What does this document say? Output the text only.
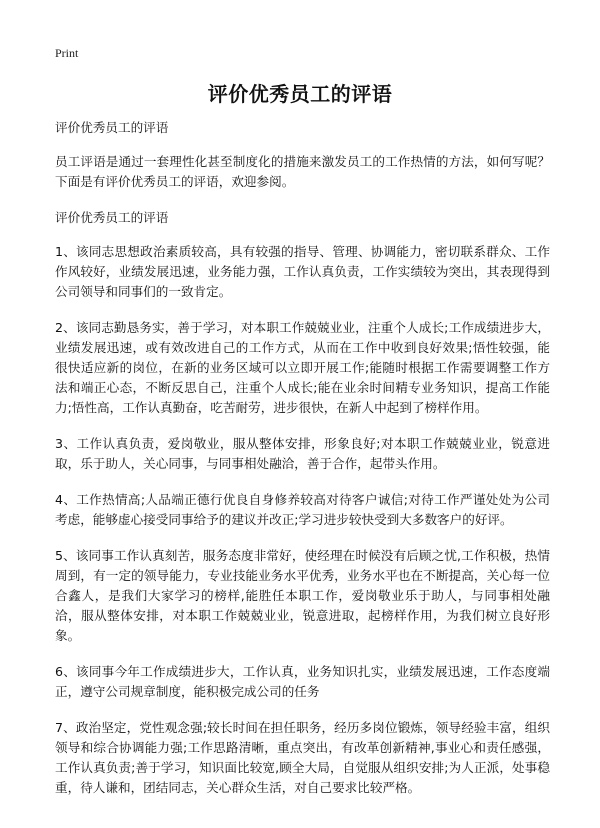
Print
评价优秀员工的评语

评价优秀员工的评语

员工评语是通过一套理性化甚至制度化的措施来激发员工的工作热情的方法，如何写呢？下面是有评价优秀员工的评语，欢迎参阅。

评价优秀员工的评语

1、该同志思想政治素质较高，具有较强的指导、管理、协调能力，密切联系群众、工作作风较好，业绩发展迅速，业务能力强，工作认真负责，工作实绩较为突出，其表现得到公司领导和同事们的一致肯定。

2、该同志勤恳务实，善于学习，对本职工作兢兢业业，注重个人成长;工作成绩进步大，业绩发展迅速，或有效改进自己的工作方式，从而在工作中收到良好效果;悟性较强，能很快适应新的岗位，在新的业务区域可以立即开展工作;能随时根据工作需要调整工作方法和端正心态，不断反思自己，注重个人成长;能在业余时间精专业务知识，提高工作能力;悟性高，工作认真勤奋，吃苦耐劳，进步很快，在新人中起到了榜样作用。

3、工作认真负责，爱岗敬业，服从整体安排，形象良好;对本职工作兢兢业业，锐意进取，乐于助人，关心同事，与同事相处融洽，善于合作，起带头作用。

4、工作热情高;人品端正德行优良自身修养较高对待客户诚信;对待工作严谨处处为公司考虑，能够虚心接受同事给予的建议并改正;学习进步较快受到大多数客户的好评。

5、该同事工作认真刻苦，服务态度非常好，使经理在时候没有后顾之忧,工作积极，热情周到，有一定的领导能力，专业技能业务水平优秀，业务水平也在不断提高，关心每一位合鑫人，是我们大家学习的榜样,能胜任本职工作，爱岗敬业乐于助人，与同事相处融洽，服从整体安排，对本职工作兢兢业业，锐意进取，起榜样作用，为我们树立良好形象。

6、该同事今年工作成绩进步大，工作认真，业务知识扎实，业绩发展迅速，工作态度端正，遵守公司规章制度，能积极完成公司的任务

7、政治坚定，党性观念强;较长时间在担任职务，经历多岗位锻炼，领导经验丰富，组织领导和综合协调能力强;工作思路清晰，重点突出，有改革创新精神,事业心和责任感强，工作认真负责;善于学习，知识面比较宽,顾全大局，自觉服从组织安排;为人正派，处事稳重，待人谦和，团结同志，关心群众生活，对自己要求比较严格。
